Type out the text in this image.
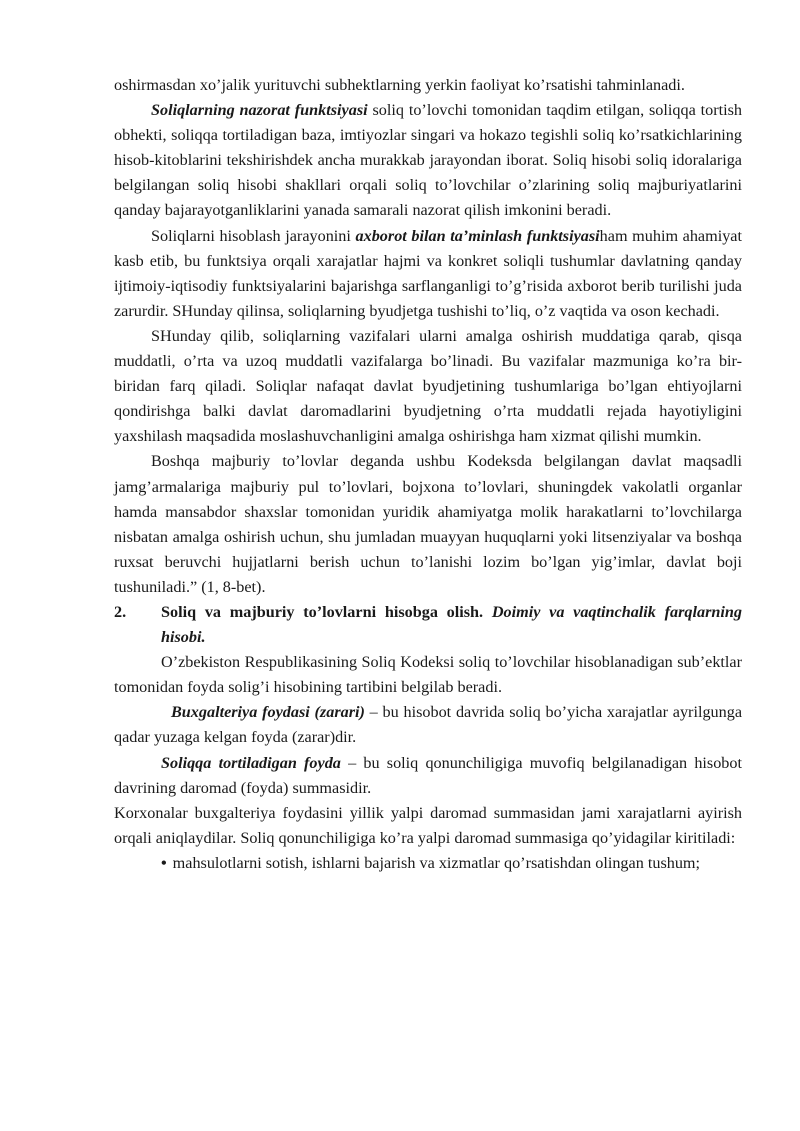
oshirmasdan xo’jalik yurituvchi subhektlarning yerkin faoliyat ko’rsatishi tahminlanadi.

Soliqlarning nazorat funktsiyasi soliq to’lovchi tomonidan taqdim etilgan, soliqqa tortish obhekti, soliqqa tortiladigan baza, imtiyozlar singari va hokazo tegishli soliq ko’rsatkichlarining hisob-kitoblarini tekshirishdek ancha murakkab jarayondan iborat. Soliq hisobi soliq idoralariga belgilangan soliq hisobi shakllari orqali soliq to’lovchilar o’zlarining soliq majburiyatlarini qanday bajarayotganliklarini yanada samarali nazorat qilish imkonini beradi.

Soliqlarni hisoblash jarayonini axborot bilan ta’minlash funktsiyasiham muhim ahamiyat kasb etib, bu funktsiya orqali xarajatlar hajmi va konkret soliqli tushumlar davlatning qanday ijtimoiy-iqtisodiy funktsiyalarini bajarishga sarflanganligi to’g’risida axborot berib turilishi juda zarurdir. SHunday qilinsa, soliqlarning byudjetga tushishi to’liq, o’z vaqtida va oson kechadi.

SHunday qilib, soliqlarning vazifalari ularni amalga oshirish muddatiga qarab, qisqa muddatli, o’rta va uzoq muddatli vazifalarga bo’linadi. Bu vazifalar mazmuniga ko’ra bir-biridan farq qiladi. Soliqlar nafaqat davlat byudjetining tushumlariga bo’lgan ehtiyojlarni qondirishga balki davlat daromadlarini byudjetning o’rta muddatli rejada hayotiyligini yaxshilash maqsadida moslashuvchanligini amalga oshirishga ham xizmat qilishi mumkin.

Boshqa majburiy to’lovlar deganda ushbu Kodeksda belgilangan davlat maqsadli jamg’armalariga majburiy pul to’lovlari, bojxona to’lovlari, shuningdek vakolatli organlar hamda mansabdor shaxslar tomonidan yuridik ahamiyatga molik harakatlarni to’lovchilarga nisbatan amalga oshirish uchun, shu jumladan muayyan huquqlarni yoki litsenziyalar va boshqa ruxsat beruvchi hujjatlarni berish uchun to’lanishi lozim bo’lgan yig’imlar, davlat boji tushuniladi.” (1, 8-bet).

2. Soliq va majburiy to’lovlarni hisobga olish. Doimiy va vaqtinchalik farqlarning hisobi.

O’zbekiston Respublikasining Soliq Kodeksi soliq to’lovchilar hisoblanadigan sub’ektlar tomonidan foyda solig’i hisobining tartibini belgilab beradi.

Buxgalteriya foydasi (zarari) – bu hisobot davrida soliq bo’yicha xarajatlar ayrilgunga qadar yuzaga kelgan foyda (zarar)dir.

Soliqqa tortiladigan foyda – bu soliq qonunchiligiga muvofiq belgilanadigan hisobot davrining daromad (foyda) summasidir.

Korxonalar buxgalteriya foydasini yillik yalpi daromad summasidan jami xarajatlarni ayirish orqali aniqlaydilar. Soliq qonunchiligiga ko’ra yalpi daromad summasiga qo’yidagilar kiritiladi:

• mahsulotlarni sotish, ishlarni bajarish va xizmatlar qo’rsatishdan olingan tushum;
